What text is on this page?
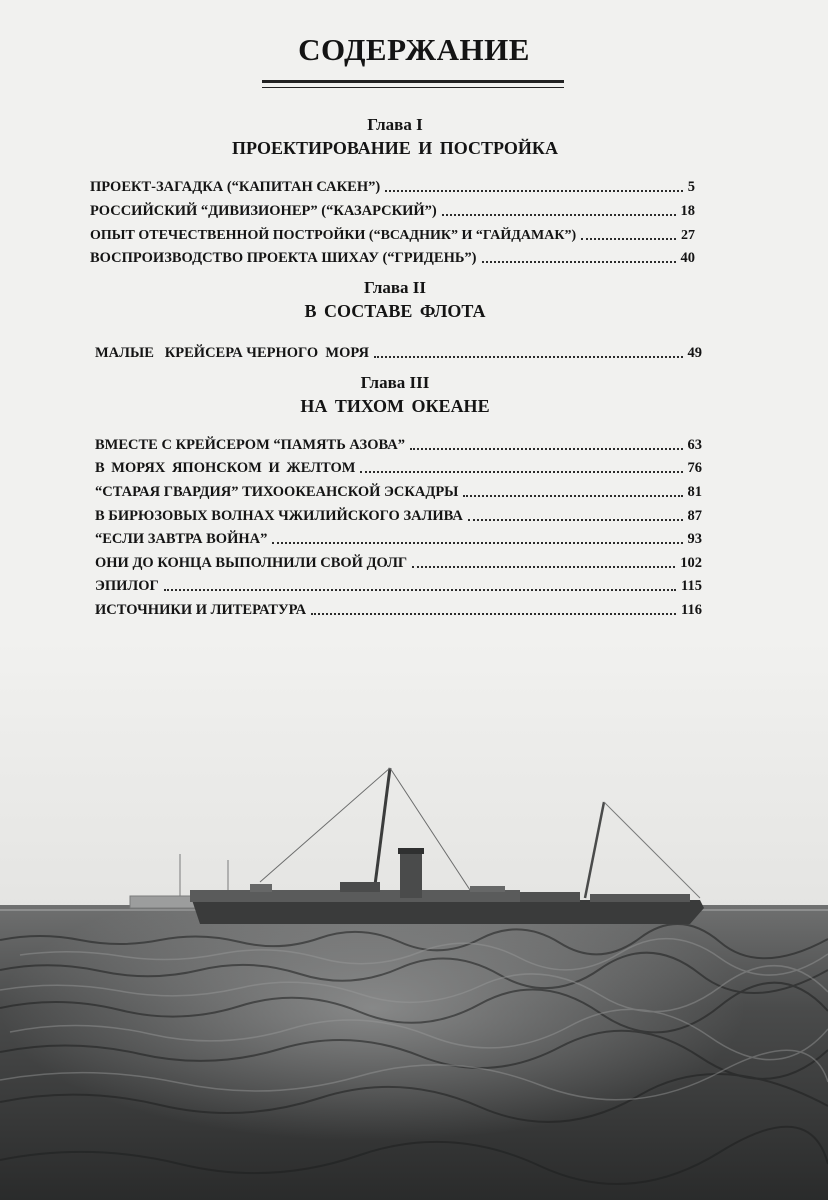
СОДЕРЖАНИЕ
Глава I
ПРОЕКТИРОВАНИЕ И ПОСТРОЙКА
ПРОЕКТ-ЗАГАДКА (“КАПИТАН САКЕН”)	5
РОССИЙСКИЙ “ДИВИЗИОНЕР” (“КАЗАРСКИЙ”)	18
ОПЫТ ОТЕЧЕСТВЕННОЙ ПОСТРОЙКИ (“ВСАДНИК” И “ГАЙДАМАК”)	27
ВОСПРОИЗВОДСТВО ПРОЕКТА ШИХАУ (“ГРИДЕНЬ”)	40
Глава II
В СОСТАВЕ ФЛОТА
МАЛЫЕ   КРЕЙСЕРА ЧЕРНОГО  МОРЯ	49
Глава III
НА ТИХОМ ОКЕАНЕ
ВМЕСТЕ С КРЕЙСЕРОМ “ПАМЯТЬ АЗОВА”	63
В МОРЯХ ЯПОНСКОМ И ЖЕЛТОМ	76
“СТАРАЯ ГВАРДИЯ” ТИХООКЕАНСКОЙ ЭСКАДРЫ	81
В БИРЮЗОВЫХ ВОЛНАХ ЧЖИЛИЙСКОГО ЗАЛИВА	87
“ЕСЛИ ЗАВТРА ВОЙНА”	93
ОНИ ДО КОНЦА ВЫПОЛНИЛИ СВОЙ ДОЛГ	102
ЭПИЛОГ	115
ИСТОЧНИКИ И ЛИТЕРАТУРА	116
